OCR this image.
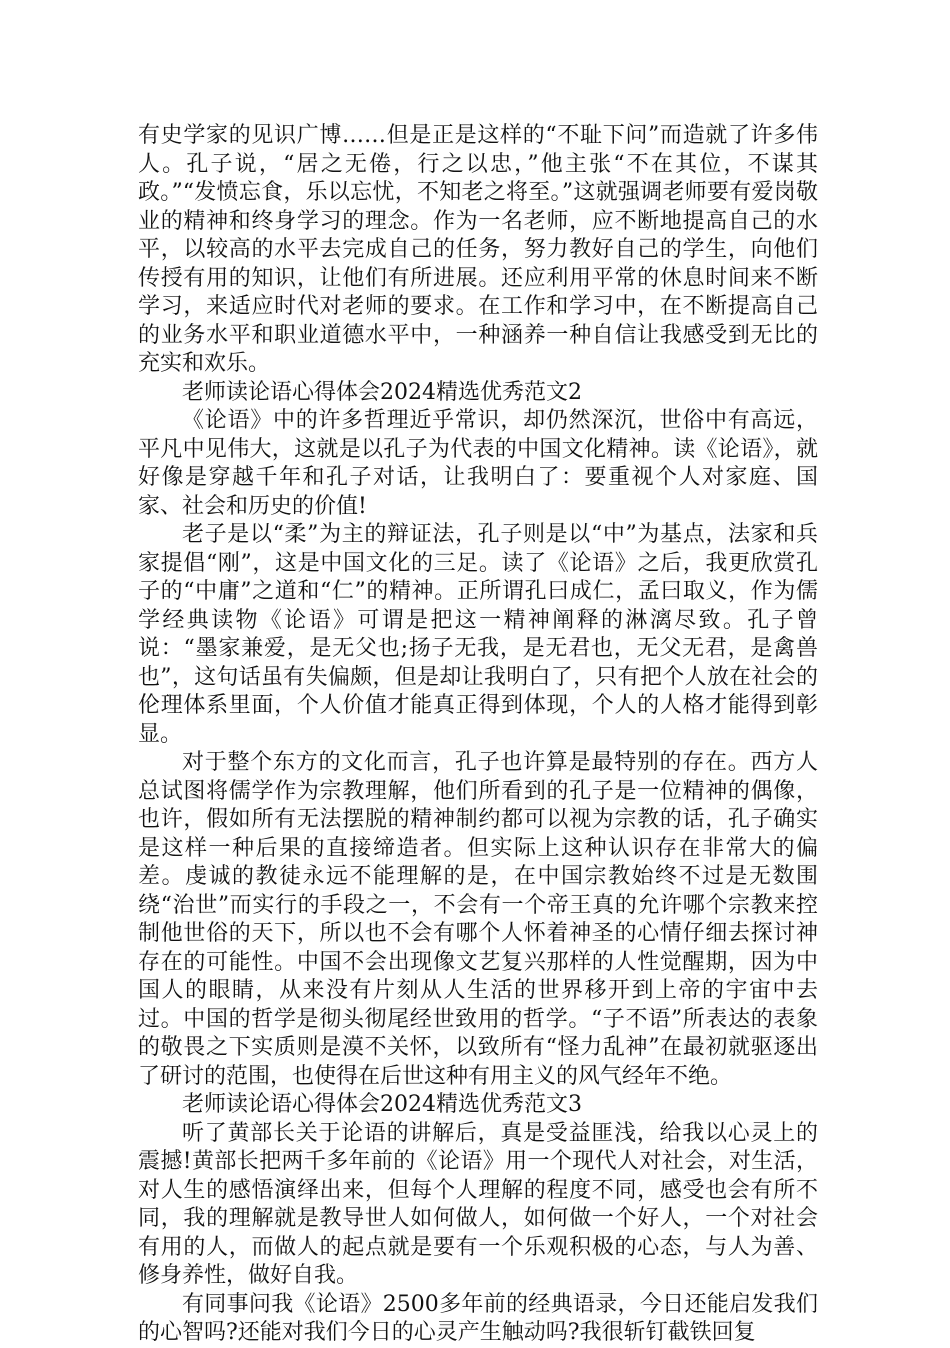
有史学家的见识广博……但是正是这样的“不耻下问”而造就了许多伟人。孔子说，“居之无倦，行之以忠，”他主张“不在其位，不谋其政。”“发愤忘食，乐以忘忧，不知老之将至。”这就强调老师要有爱岗敬业的精神和终身学习的理念。作为一名老师，应不断地提高自己的水平，以较高的水平去完成自己的任务，努力教好自己的学生，向他们传授有用的知识，让他们有所进展。还应利用平常的休息时间来不断学习，来适应时代对老师的要求。在工作和学习中，在不断提高自己的业务水平和职业道德水平中，一种涵养一种自信让我感受到无比的充实和欢乐。

老师读论语心得体会2024精选优秀范文2

《论语》中的许多哲理近乎常识，却仍然深沉，世俗中有高远，平凡中见伟大，这就是以孔子为代表的中国文化精神。读《论语》，就好像是穿越千年和孔子对话，让我明白了：要重视个人对家庭、国家、社会和历史的价值!

老子是以“柔”为主的辩证法，孔子则是以“中”为基点，法家和兵家提倡“刚”，这是中国文化的三足。读了《论语》之后，我更欣赏孔子的“中庸”之道和“仁”的精神。正所谓孔曰成仁，孟曰取义，作为儒学经典读物《论语》可谓是把这一精神阐释的淋漓尽致。孔子曾说：“墨家兼爱，是无父也;扬子无我，是无君也，无父无君，是禽兽也”，这句话虽有失偏颇，但是却让我明白了，只有把个人放在社会的伦理体系里面，个人价值才能真正得到体现，个人的人格才能得到彰显。

对于整个东方的文化而言，孔子也许算是最特别的存在。西方人总试图将儒学作为宗教理解，他们所看到的孔子是一位精神的偶像，也许，假如所有无法摆脱的精神制约都可以视为宗教的话，孔子确实是这样一种后果的直接缔造者。但实际上这种认识存在非常大的偏差。虔诚的教徒永远不能理解的是，在中国宗教始终不过是无数围绕“治世”而实行的手段之一，不会有一个帝王真的允许哪个宗教来控制他世俗的天下，所以也不会有哪个人怀着神圣的心情仔细去探讨神存在的可能性。中国不会出现像文艺复兴那样的人性觉醒期，因为中国人的眼睛，从来没有片刻从人生活的世界移开到上帝的宇宙中去过。中国的哲学是彻头彻尾经世致用的哲学。“子不语”所表达的表象的敬畏之下实质则是漠不关怀，以致所有“怪力乱神”在最初就驱逐出了研讨的范围，也使得在后世这种有用主义的风气经年不绝。

老师读论语心得体会2024精选优秀范文3

听了黄部长关于论语的讲解后，真是受益匪浅，给我以心灵上的震撼!黄部长把两千多年前的《论语》用一个现代人对社会，对生活，对人生的感悟演绎出来，但每个人理解的程度不同，感受也会有所不同，我的理解就是教导世人如何做人，如何做一个好人，一个对社会有用的人，而做人的起点就是要有一个乐观积极的心态，与人为善、修身养性，做好自我。

有同事问我《论语》2500多年前的经典语录，今日还能启发我们的心智吗?还能对我们今日的心灵产生触动吗?我很斩钉截铁回复
